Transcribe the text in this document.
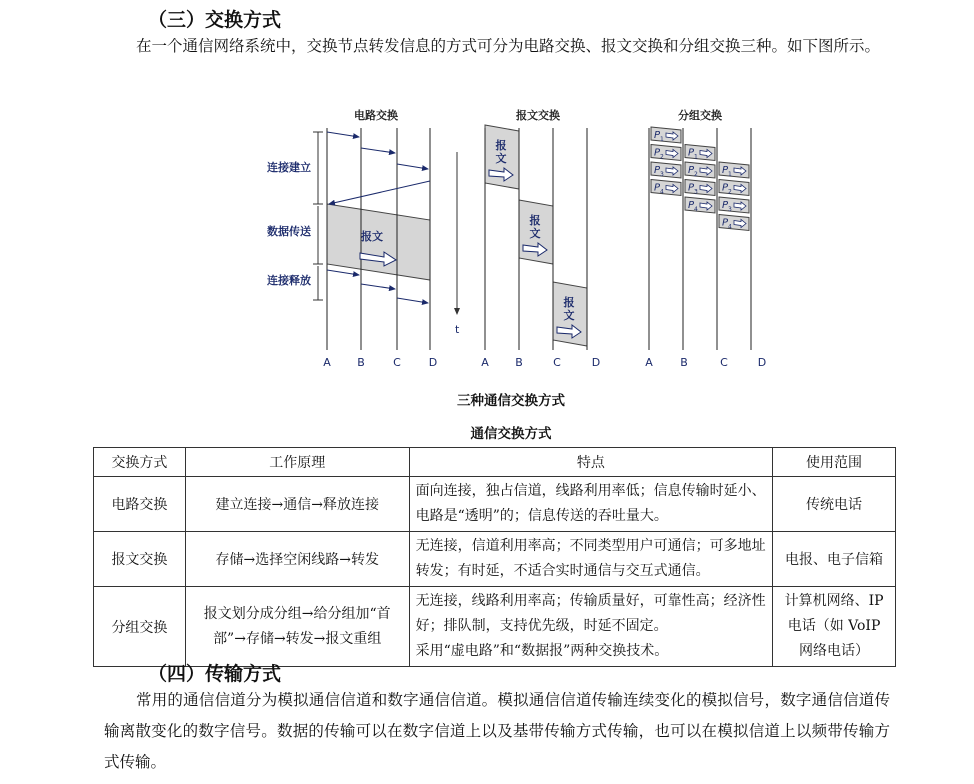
（三）交换方式
在一个通信网络系统中，交换节点转发信息的方式可分为电路交换、报文交换和分组交换三种。如下图所示。
电路交换	报文交换	分组交换
报文
连接建立
数据传送
连接释放
A B	C	D
t
报
文
报
文
报
文
A B	C	D	A B	C	D
P 1
P 2
P 3
P 4
P 1
P 2
P 3
P 4
P 1
P 2
P 3
P 4
三种通信交换方式
通信交换方式
交换方式	工作原理	特点	使用范围
电路交换	建立连接→通信→释放连接	面向连接，独占信道，线路利用率低；信息传输时延小、电路是“透明”的；信息传送的吞吐量大。	传统电话
报文交换	存储→选择空闲线路→转发	无连接，信道利用率高；不同类型用户可通信；可多地址转发；有时延，不适合实时通信与交互式通信。	电报、电子信箱
分组交换	报文划分成分组→给分组加“首部”→存储→转发→报文重组	无连接，线路利用率高；传输质量好，可靠性高；经济性好；排队制，支持优先级，时延不固定。
采用“虚电路”和“数据报”两种交换技术。	计算机网络、IP电话（如 VoIP 网络电话）
（四）传输方式
常用的通信信道分为模拟通信信道和数字通信信道。模拟通信信道传输连续变化的模拟信号，数字通信信道传输离散变化的数字信号。数据的传输可以在数字信道上以及基带传输方式传输，也可以在模拟信道上以频带传输方式传输。
